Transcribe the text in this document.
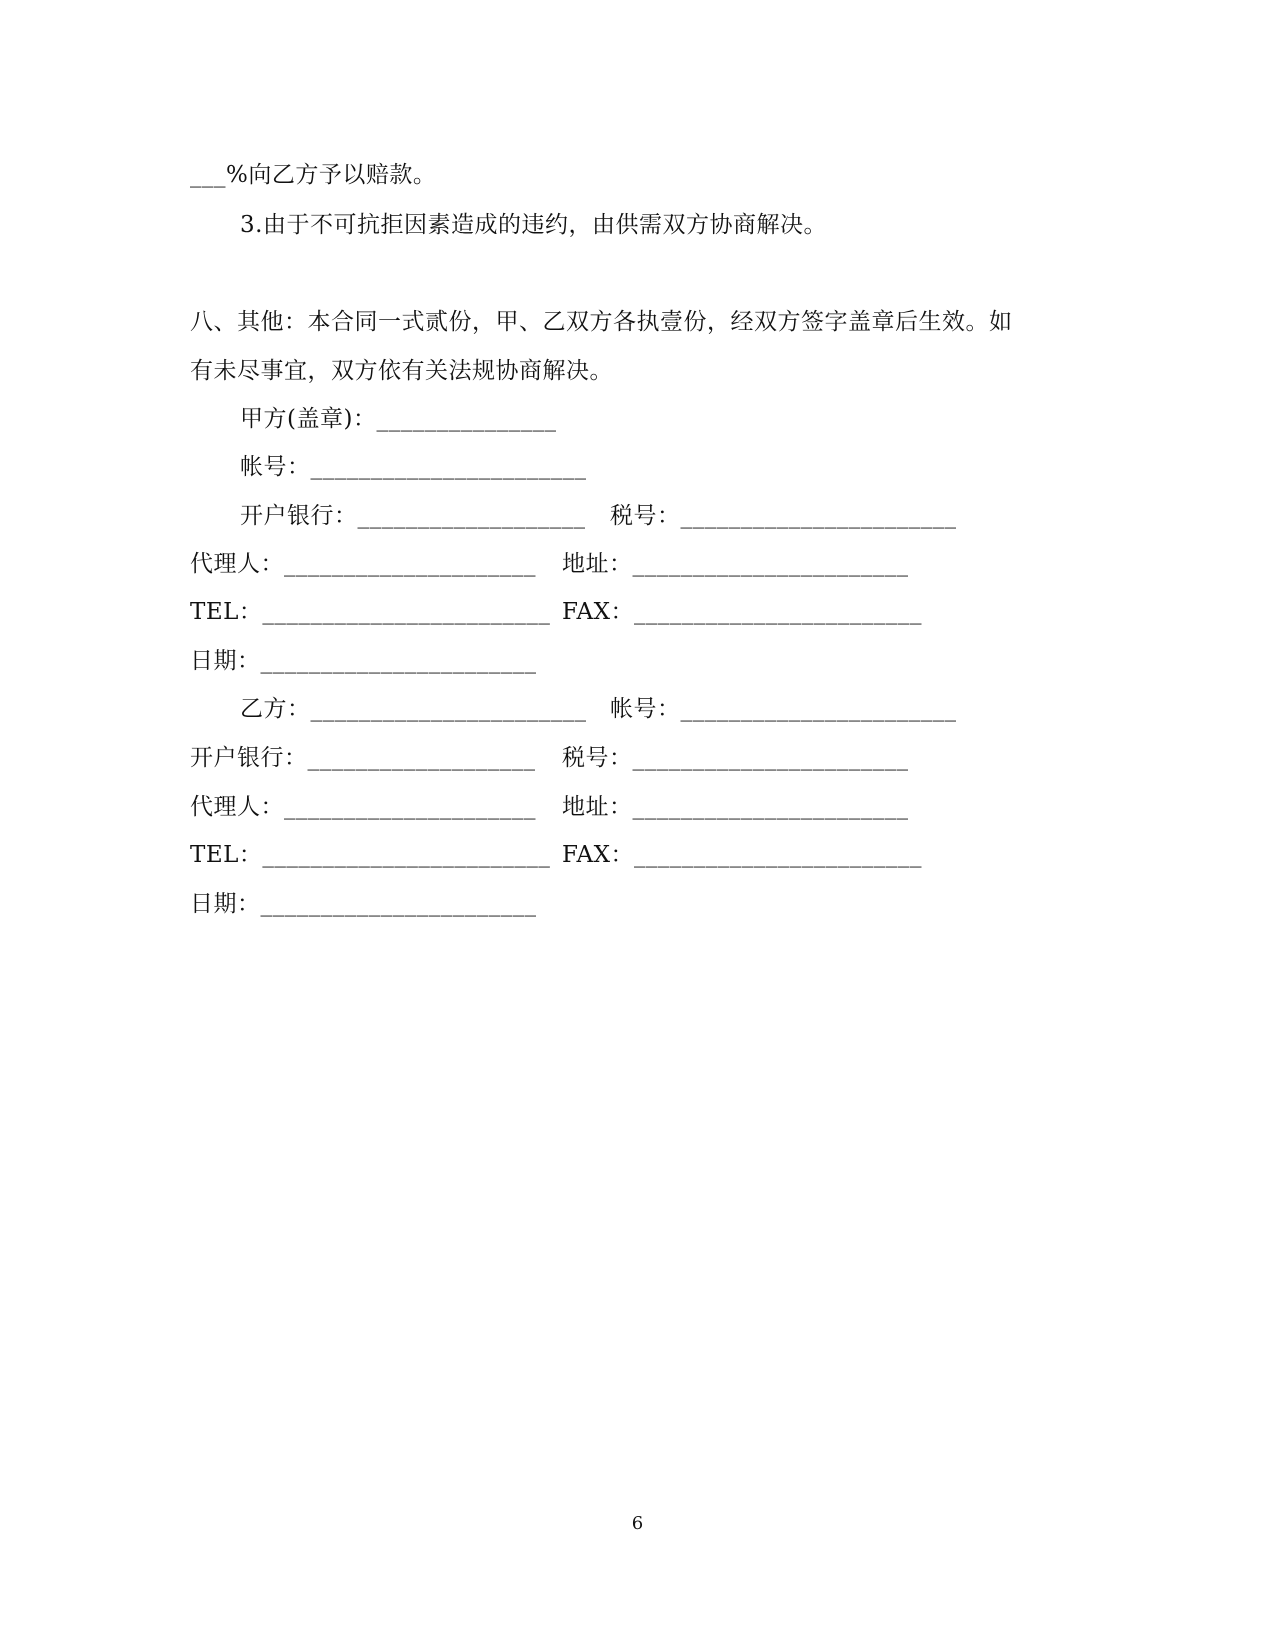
___%向乙方予以赔款。
3.由于不可抗拒因素造成的违约，由供需双方协商解决。
八、其他：本合同一式贰份，甲、乙双方各执壹份，经双方签字盖章后生效。如
有未尽事宜，双方依有关法规协商解决。
甲方(盖章)：_______________
帐号：_______________________
开户银行：___________________ 税号：_______________________
代理人：_____________________ 地址：_______________________
TEL：________________________ FAX：________________________
日期：_______________________
乙方：_______________________ 帐号：_______________________
开户银行：___________________ 税号：_______________________
代理人：_____________________ 地址：_______________________
TEL：________________________ FAX：________________________
日期：_______________________
6
